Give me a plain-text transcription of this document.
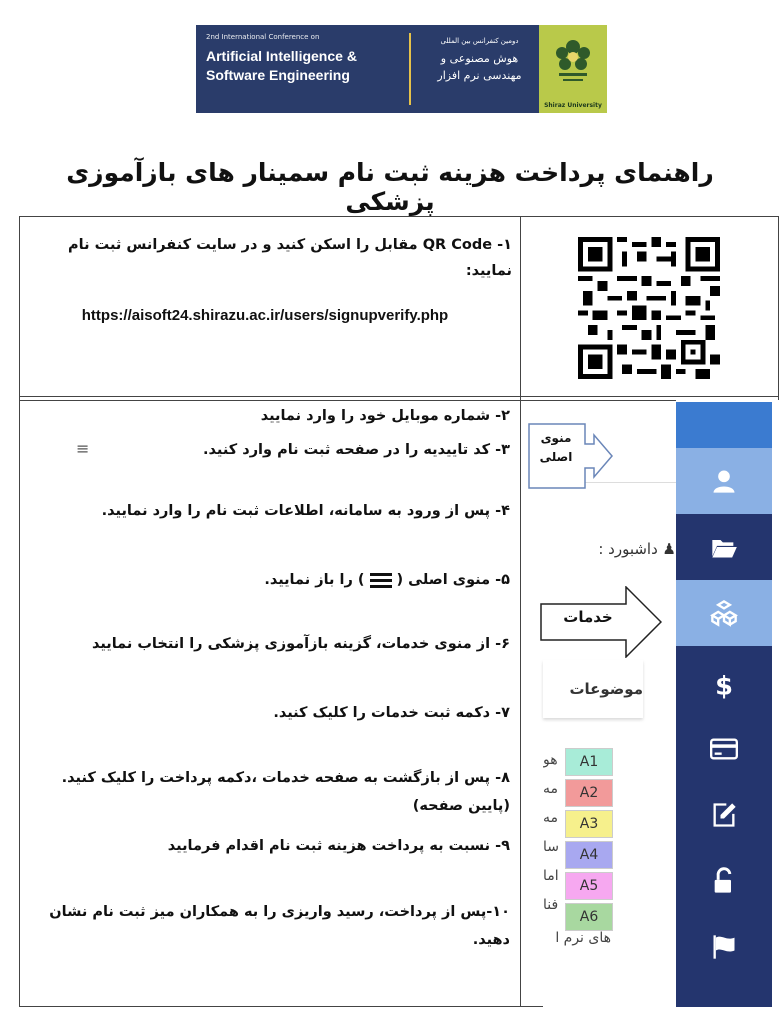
2nd International Conference on
Artificial Intelligence &
Software Engineering
دومین کنفرانس بین المللی
هوش مصنوعی و
مهندسی نرم افزار
Shiraz University
راهنمای پرداخت هزینه ثبت نام سمینار های بازآموزی پزشکی
۱- QR Code مقابل را اسکن کنید و در سایت کنفرانس ثبت نام نمایید:
https://aisoft24.shirazu.ac.ir/users/signupverify.php
۲- شماره موبایل خود را وارد نمایید
۳- کد تاییدیه را در صفحه ثبت نام وارد کنید.
۴- پس از ورود به سامانه، اطلاعات ثبت نام را وارد نمایید.
۵- منوی اصلی (
) را باز نمایید.
۶- از منوی خدمات، گزینه بازآموزی پزشکی را انتخاب نمایید
۷- دکمه ثبت خدمات را کلیک کنید.
۸- پس از بازگشت به صفحه خدمات ،دکمه پرداخت را کلیک کنید. (پایین صفحه)
۹- نسبت به پرداخت هزینه ثبت نام اقدام فرمایید
۱۰-پس از پرداخت، رسید واریزی را به همکاران میز ثبت نام نشان دهید.
≡
منوی اصلی
♟ داشبورد :
موضوعات
A1
A2
A3
A4
A5
A6
هو
مه
مه
سا
اما
فنا
های نرم ا
$
خدمات
